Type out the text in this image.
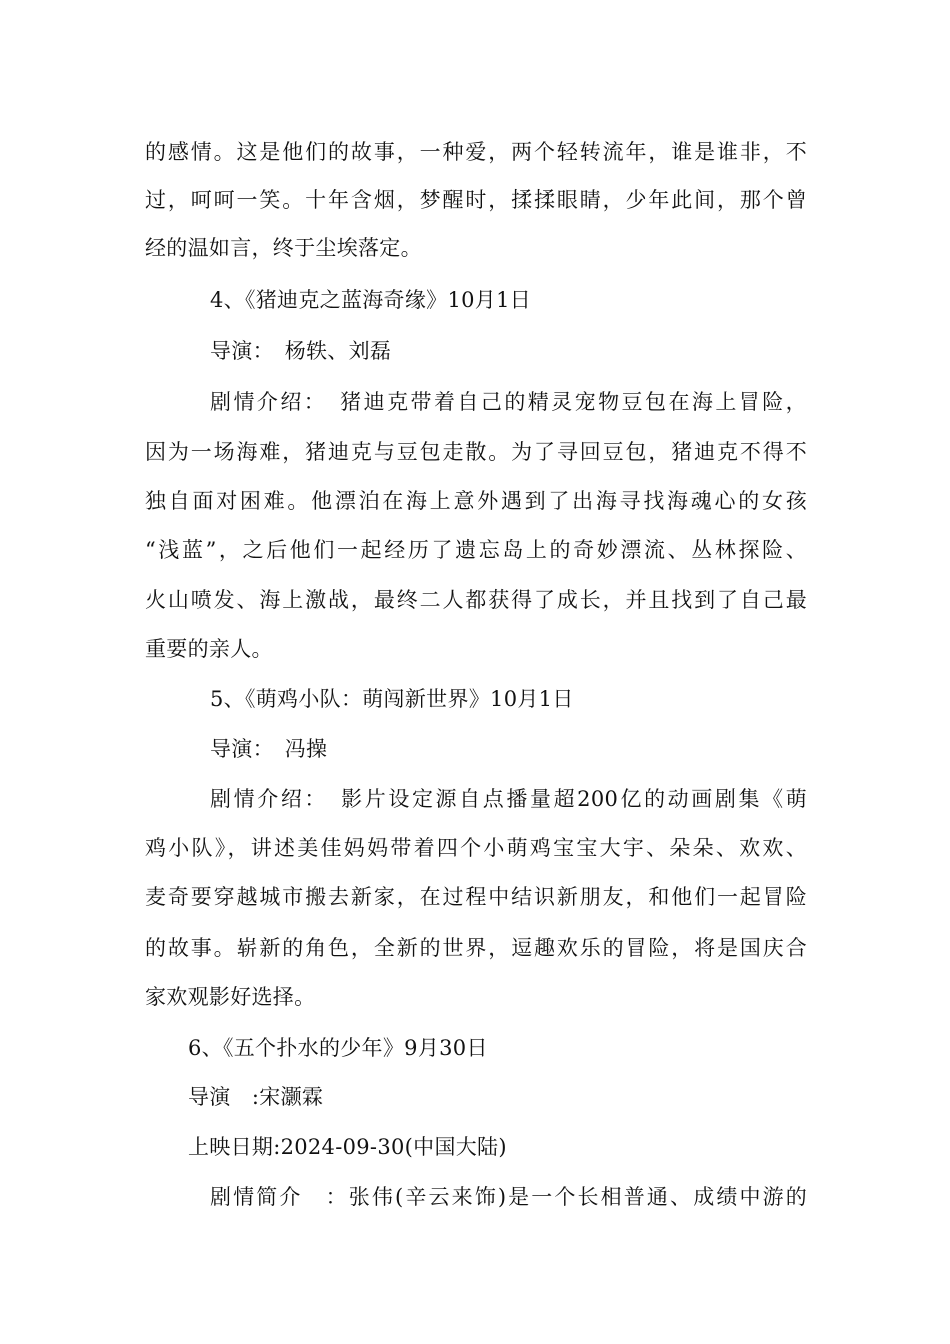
的感情。这是他们的故事，一种爱，两个轻转流年，谁是谁非，不
过，呵呵一笑。十年含烟，梦醒时，揉揉眼睛，少年此间，那个曾
经的温如言，终于尘埃落定。
4、《猪迪克之蓝海奇缘》10月1日
导演：　杨轶、刘磊
剧情介绍：　猪迪克带着自己的精灵宠物豆包在海上冒险，
因为一场海难，猪迪克与豆包走散。为了寻回豆包，猪迪克不得不
独自面对困难。他漂泊在海上意外遇到了出海寻找海魂心的女孩
“浅蓝”，之后他们一起经历了遗忘岛上的奇妙漂流、丛林探险、
火山喷发、海上激战，最终二人都获得了成长，并且找到了自己最
重要的亲人。
5、《萌鸡小队：萌闯新世界》10月1日
导演：　冯操
剧情介绍：　影片设定源自点播量超200亿的动画剧集《萌
鸡小队》，讲述美佳妈妈带着四个小萌鸡宝宝大宇、朵朵、欢欢、
麦奇要穿越城市搬去新家，在过程中结识新朋友，和他们一起冒险
的故事。崭新的角色，全新的世界，逗趣欢乐的冒险，将是国庆合
家欢观影好选择。
6、《五个扑水的少年》9月30日
导演　:宋灏霖
上映日期:2024-09-30(中国大陆)
剧情简介　：张伟(辛云来饰)是一个长相普通、成绩中游的
